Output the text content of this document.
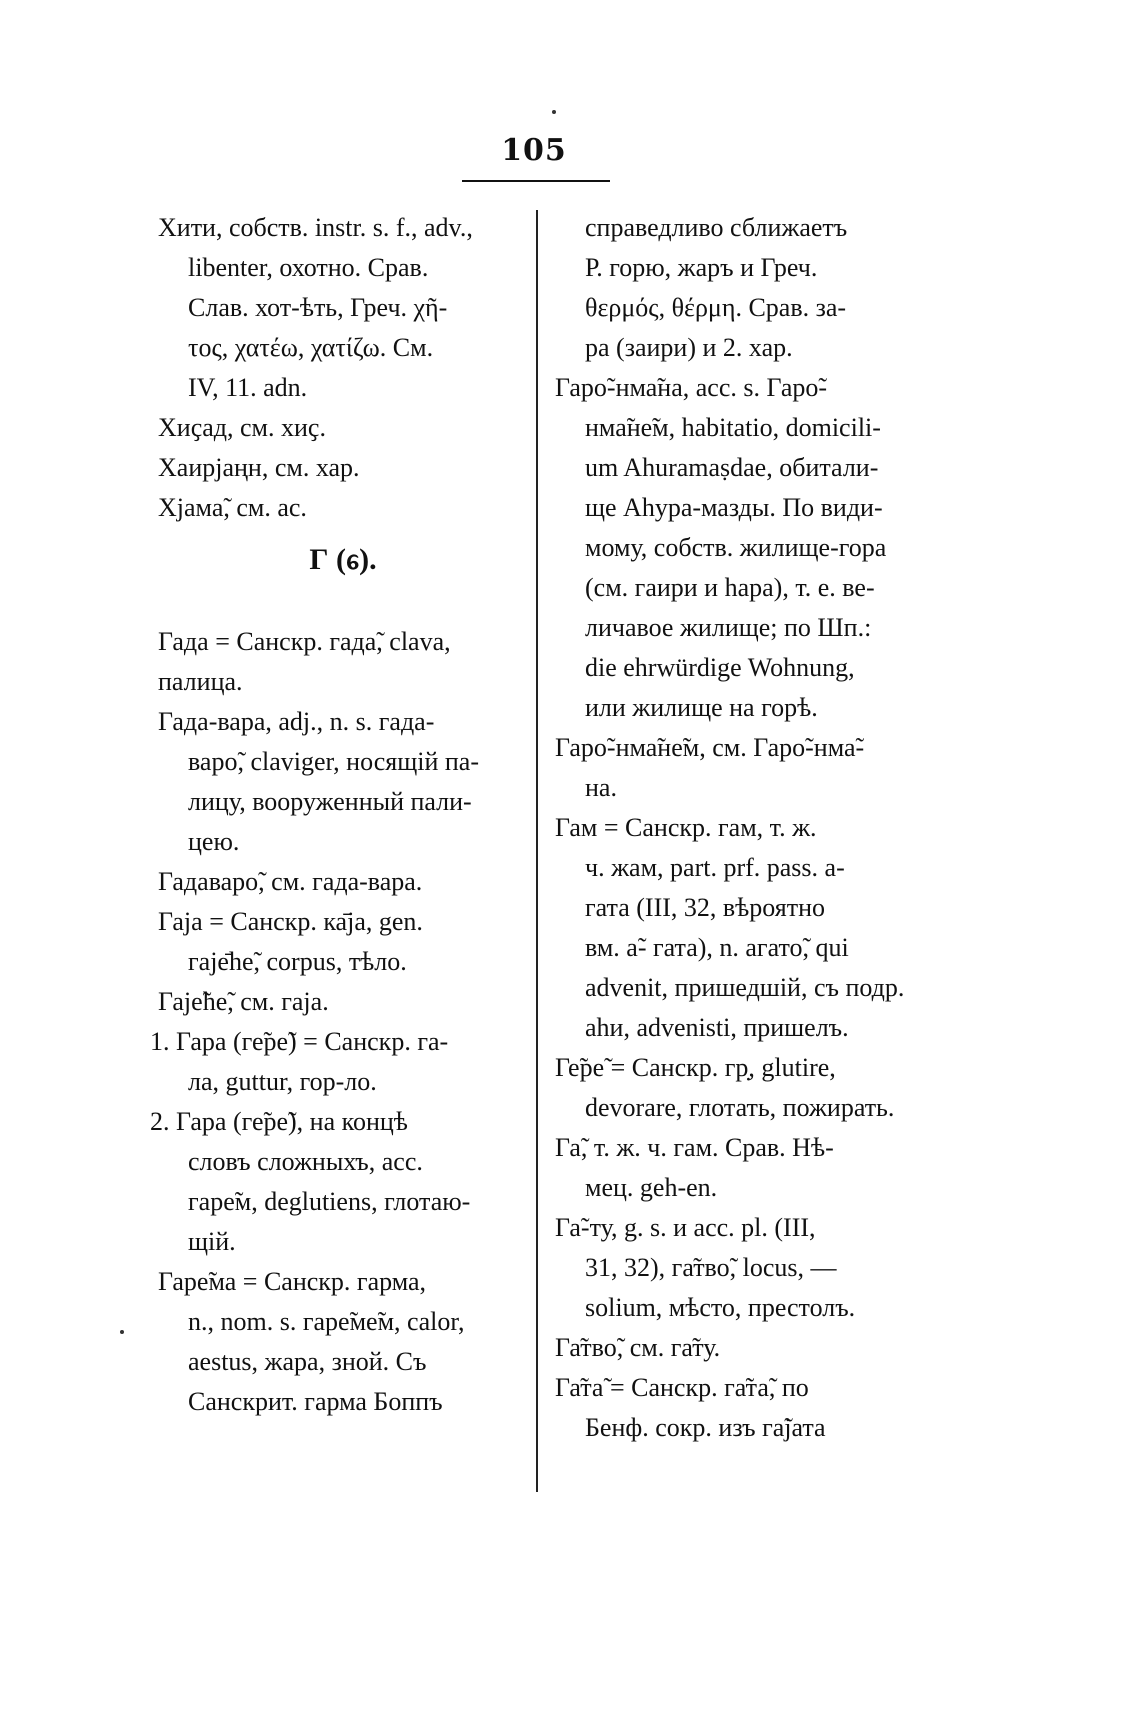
105
Хити, собств. instr. s. f., adv.,
libenter, охотно. Срав.
Слав. хот-ѣть, Греч. χῆ-
τος, χατέω, χατίζω. См.
IV, 11. adn.
Хиҫад, см. хиҫ.
Хаирјаңн, см. хар.
Хјама̃, см. ас.
Г (ᧈ).
Гада = Санскр. гада̃, clava,
палица.
Гада-вара, adj., n. s. гада-
варо̃, claviger, носящій па-
лицу, вооруженный пали-
цею.
Гадаваро̃, см. гада-вара.
Гаја = Санскр. ка̄ја, gen.
гаје̄hе̃, corpus, тѣло.
Гаје̃hе̃, см. гаја.
1. Гара (ге̃ре̃) = Санскр. га-
ла, guttur, гор-ло.
2. Гара (ге̃ре̃), на концѣ
словъ сложныхъ, acc.
гаре̃м, deglutiens, глотаю-
щій.
Гаре̃ма = Санскр. гарма,
n., nom. s. гаре̃ме̃м, calor,
aestus, жара, зной. Съ
Санскрит. гарма Боппъ
справедливо сближаетъ
Р. горю, жаръ и Греч.
θερμός, θέρμη. Срав. за-
ра (заири) и 2. хар.
Гаро̃-нма̃на, acc. s. Гаро̃-
нма̃не̃м, habitatio, domicili-
um Ahuramaṣdae, обитали-
ще Ahура-мазды. По види-
мому, собств. жилище-гора
(см. гаири и hара), т. е. ве-
личавое жилище; по Шп.:
die ehrwürdige Wohnung,
или жилище на горѣ.
Гаро̃-нма̃не̃м, см. Гаро̃-нма̃-
на.
Гам = Санскр. гам, т. ж.
ч. жам, part. prf. pass. а-
гата (III, 32, вѣроятно
вм. а̃- гата), n. агато̃, qui
advenit, пришедшій, съ подр.
аhи, advenisti, пришелъ.
Ге̃ре̃ = Санскр. гр̣, glutire,
devorare, глотать, пожирать.
Га̃, т. ж. ч. гам. Срав. Нѣ-
мец. geh-en.
Га̃-ту, g. s. и acc. pl. (III,
31, 32), га̃тво̃, locus, —
solium, мѣсто, престолъ.
Га̃тво̃, см. га̃ту.
Га̃та̃ = Санскр. га̃та̃, по
Бенф. сокр. изъ га̃јата
